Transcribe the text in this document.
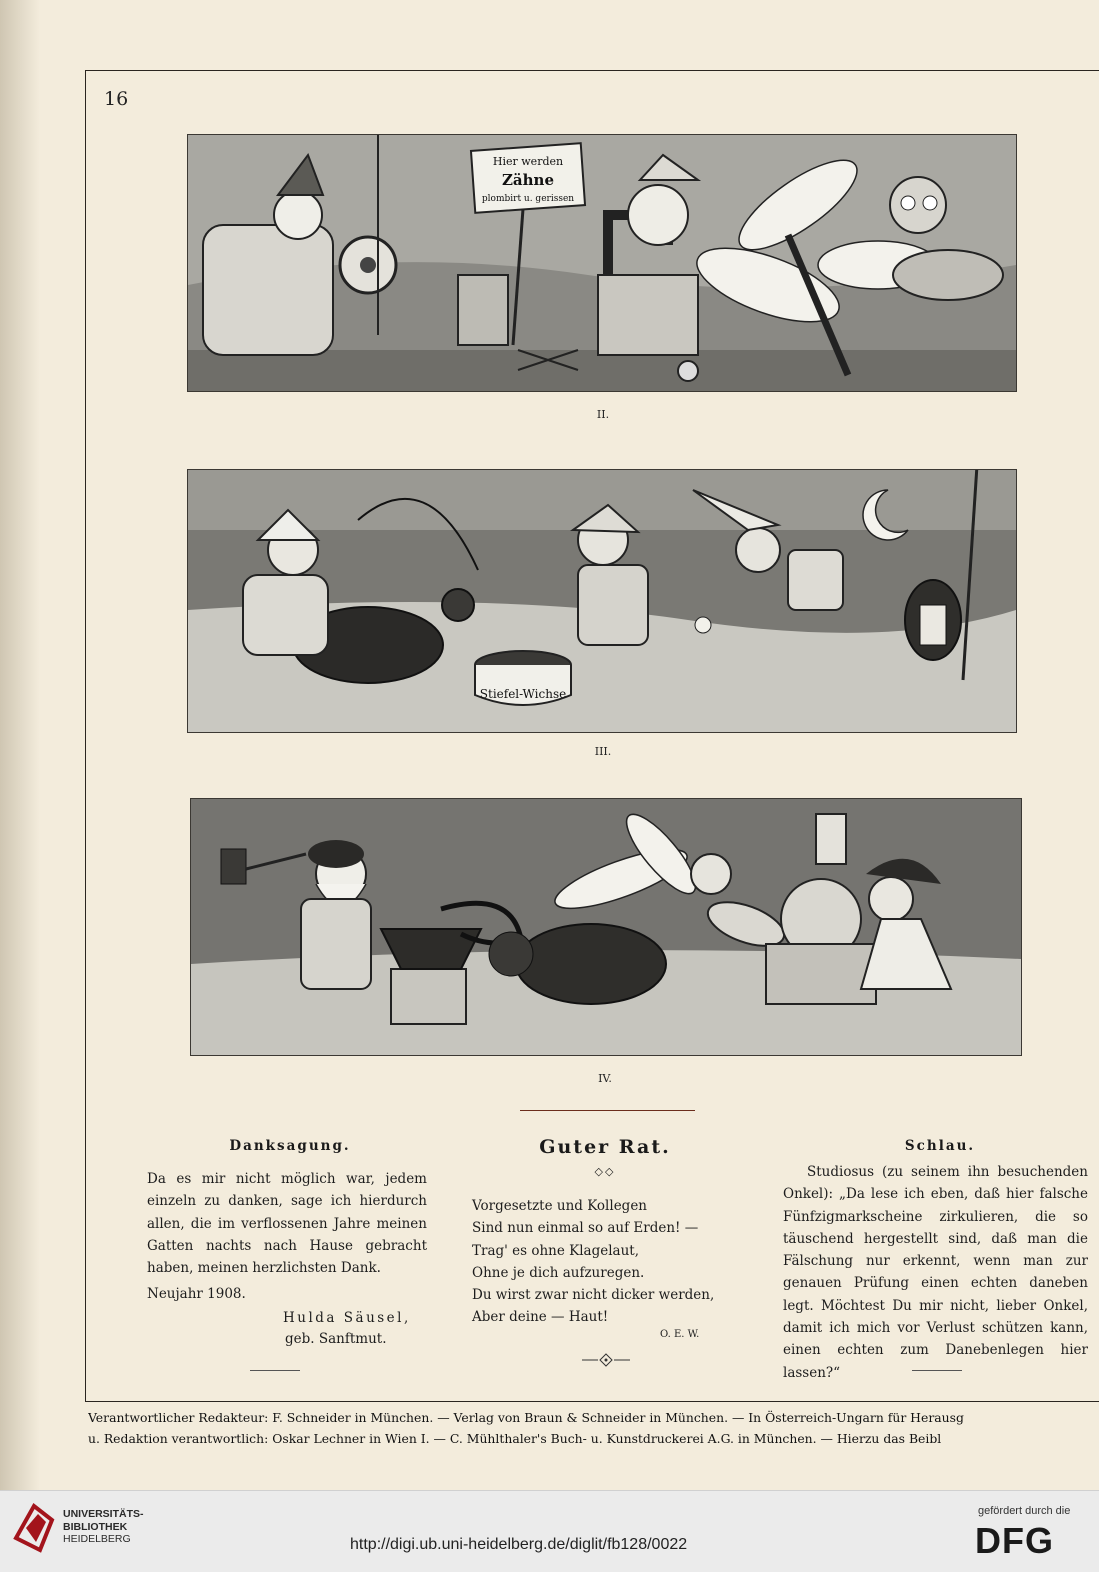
16
Hier werden
Zähne
plombirt u. gerissen
II.
Stiefel-Wichse
III.
IV.
Danksagung.

Da es mir nicht möglich war, jedem einzeln zu danken, sage ich hierdurch allen, die im verflossenen Jahre meinen Gatten nachts nach Hause gebracht haben, meinen herzlichsten Dank.

Neujahr 1908.
Hulda Säusel,
geb. Sanftmut.
Guter Rat.
◇◇
Vorgesetzte und Kollegen
Sind nun einmal so auf Erden! —
Trag' es ohne Klagelaut,
Ohne je dich aufzuregen.
Du wirst zwar nicht dicker werden,
Aber deine — Haut!
O. E. W.
Schlau.

Studiosus (zu seinem ihn besuchenden Onkel): „Da lese ich eben, daß hier falsche Fünfzigmarkscheine zirkulieren, die so täuschend hergestellt sind, daß man die Fälschung nur erkennt, wenn man zur genauen Prüfung einen echten daneben legt. Möchtest Du mir nicht, lieber Onkel, damit ich mich vor Verlust schützen kann, einen echten zum Danebenlegen hier lassen?“

Verantwortlicher Redakteur: F. Schneider in München. — Verlag von Braun & Schneider in München. — In Österreich-Ungarn für Herausg
u. Redaktion verantwortlich: Oskar Lechner in Wien I. — C. Mühlthaler's Buch- u. Kunstdruckerei A.G. in München. — Hierzu das Beibl
UNIVERSITÄTS-
BIBLIOTHEK
HEIDELBERG	http://digi.ub.uni-heidelberg.de/diglit/fb128/0022
gefördert durch die
DFG
